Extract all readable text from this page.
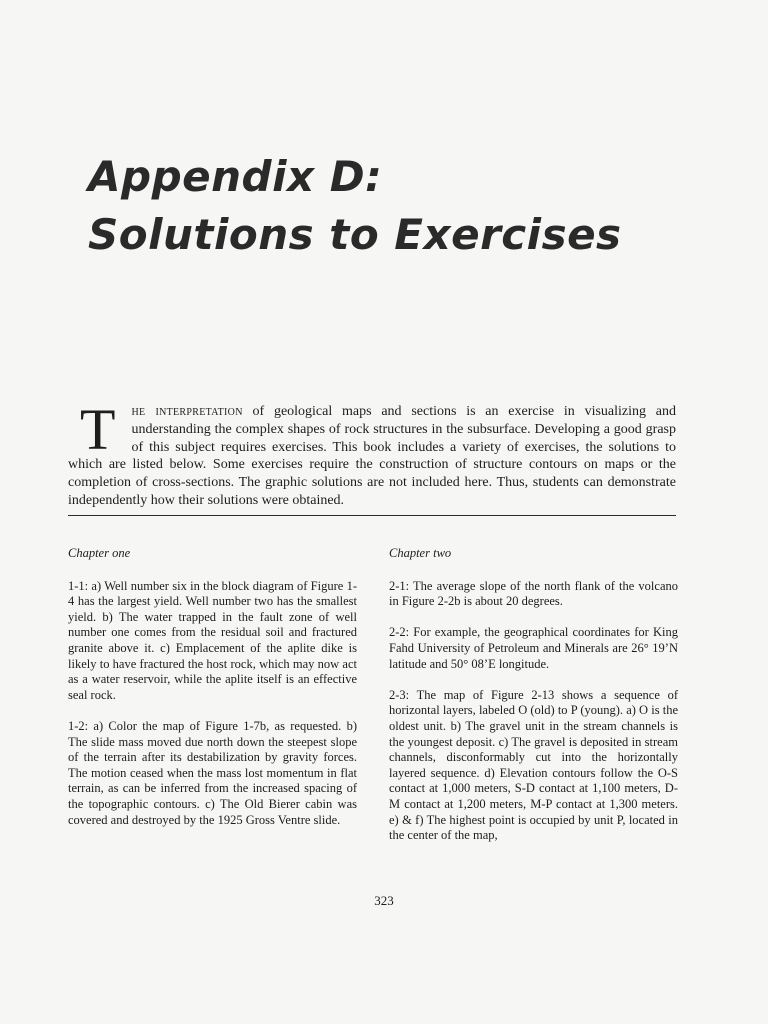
Appendix D:
Solutions to Exercises
T he interpretation of geological maps and sections is an exercise in visualizing and understanding the complex shapes of rock structures in the subsurface. Developing a good grasp of this subject requires exercises. This book includes a variety of exercises, the solutions to which are listed below. Some exercises require the construction of structure contours on maps or the completion of cross-sections. The graphic solutions are not included here. Thus, students can demonstrate independently how their solutions were obtained.
Chapter one

1-1: a) Well number six in the block diagram of Figure 1-4 has the largest yield. Well number two has the smallest yield. b) The water trapped in the fault zone of well number one comes from the residual soil and fractured granite above it. c) Emplacement of the aplite dike is likely to have fractured the host rock, which may now act as a water reservoir, while the aplite itself is an effective seal rock.

1-2: a) Color the map of Figure 1-7b, as requested. b) The slide mass moved due north down the steepest slope of the terrain after its destabilization by gravity forces. The motion ceased when the mass lost momentum in flat terrain, as can be inferred from the increased spacing of the topographic contours. c) The Old Bierer cabin was covered and destroyed by the 1925 Gross Ventre slide.

Chapter two

2-1: The average slope of the north flank of the volcano in Figure 2-2b is about 20 degrees.

2-2: For example, the geographical coordinates for King Fahd University of Petroleum and Minerals are 26° 19’N latitude and 50° 08’E longitude.

2-3: The map of Figure 2-13 shows a sequence of horizontal layers, labeled O (old) to P (young). a) O is the oldest unit. b) The gravel unit in the stream channels is the youngest deposit. c) The gravel is deposited in stream channels, disconformably cut into the horizontally layered sequence. d) Elevation contours follow the O-S contact at 1,000 meters, S-D contact at 1,100 meters, D-M contact at 1,200 meters, M-P contact at 1,300 meters. e) & f) The highest point is occupied by unit P, located in the center of the map,

323
